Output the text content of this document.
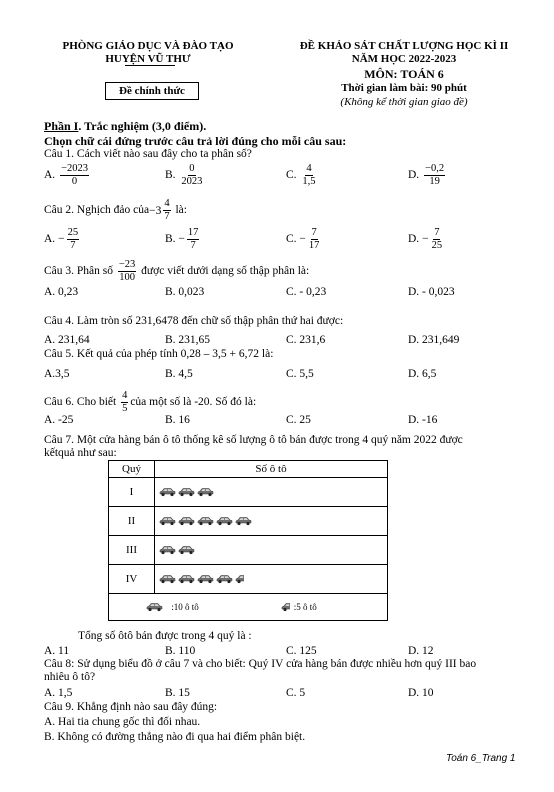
PHÒNG GIÁO DỤC VÀ ĐÀO TẠO
HUYỆN VŨ THƯ
Đề chính thức
ĐỀ KHẢO SÁT CHẤT LƯỢNG HỌC KÌ II
NĂM HỌC 2022-2023
MÔN: TOÁN 6
Thời gian làm bài: 90 phút
(Không kể thời gian giao đề)
Phần I. Trắc nghiệm (3,0 điểm).
Chọn chữ cái đứng trước câu trả lời đúng cho mỗi câu sau:
Câu 1. Cách viết nào sau đây cho ta phân số?
A. $\frac{-2023}{0}$	B. $\frac{0}{2023}$	C. $\frac{4}{1,5}$	D. $\frac{-0,2}{19}$
Câu 2. Nghịch đảo của $-3 \frac{4}{7}$ là:
A. − $\frac{25}{7}$	B. − $\frac{17}{7}$	C. − $\frac{7}{17}$	D. − $\frac{7}{25}$
Câu 3. Phân số $\frac{-23}{100}$ được viết dưới dạng số thập phân là:
A. 0,23	B. 0,023	C. - 0,23	D. - 0,023
Câu 4. Làm tròn số 231,6478 đến chữ số thập phân thứ hai được:
A. 231,64	B. 231,65	C. 231,6	D. 231,649
Câu 5. Kết quả của phép tính 0,28 – 3,5 + 6,72 là:
A.3,5	B. 4,5	C. 5,5	D. 6,5
Câu 6. Cho biết $\frac{4}{5}$ của một số là -20. Số đó là:
A. -25	B. 16	C. 25	D. -16
Câu 7. Một cửa hàng bán ô tô thống kê số lượng ô tô bán được trong 4 quý năm 2022 được
kếtquả như sau:
Quý	Số ô tô
I	
II	
III	
IV	
:10 ô tô :5 ô tô	
Tổng số ôtô bán được trong 4 quý là :
A. 11	B. 110	C. 125	D. 12
Câu 8: Sử dụng biểu đồ ở câu 7 và cho biết: Quý IV cửa hàng bán được nhiều hơn quý III bao
nhiêu ô tô?
A. 1,5	B. 15	C. 5	D. 10
Câu 9. Khẳng định nào sau đây đúng:
A. Hai tia chung gốc thì đối nhau.
B. Không có đường thẳng nào đi qua hai điểm phân biệt.
Toán 6_Trang 1
